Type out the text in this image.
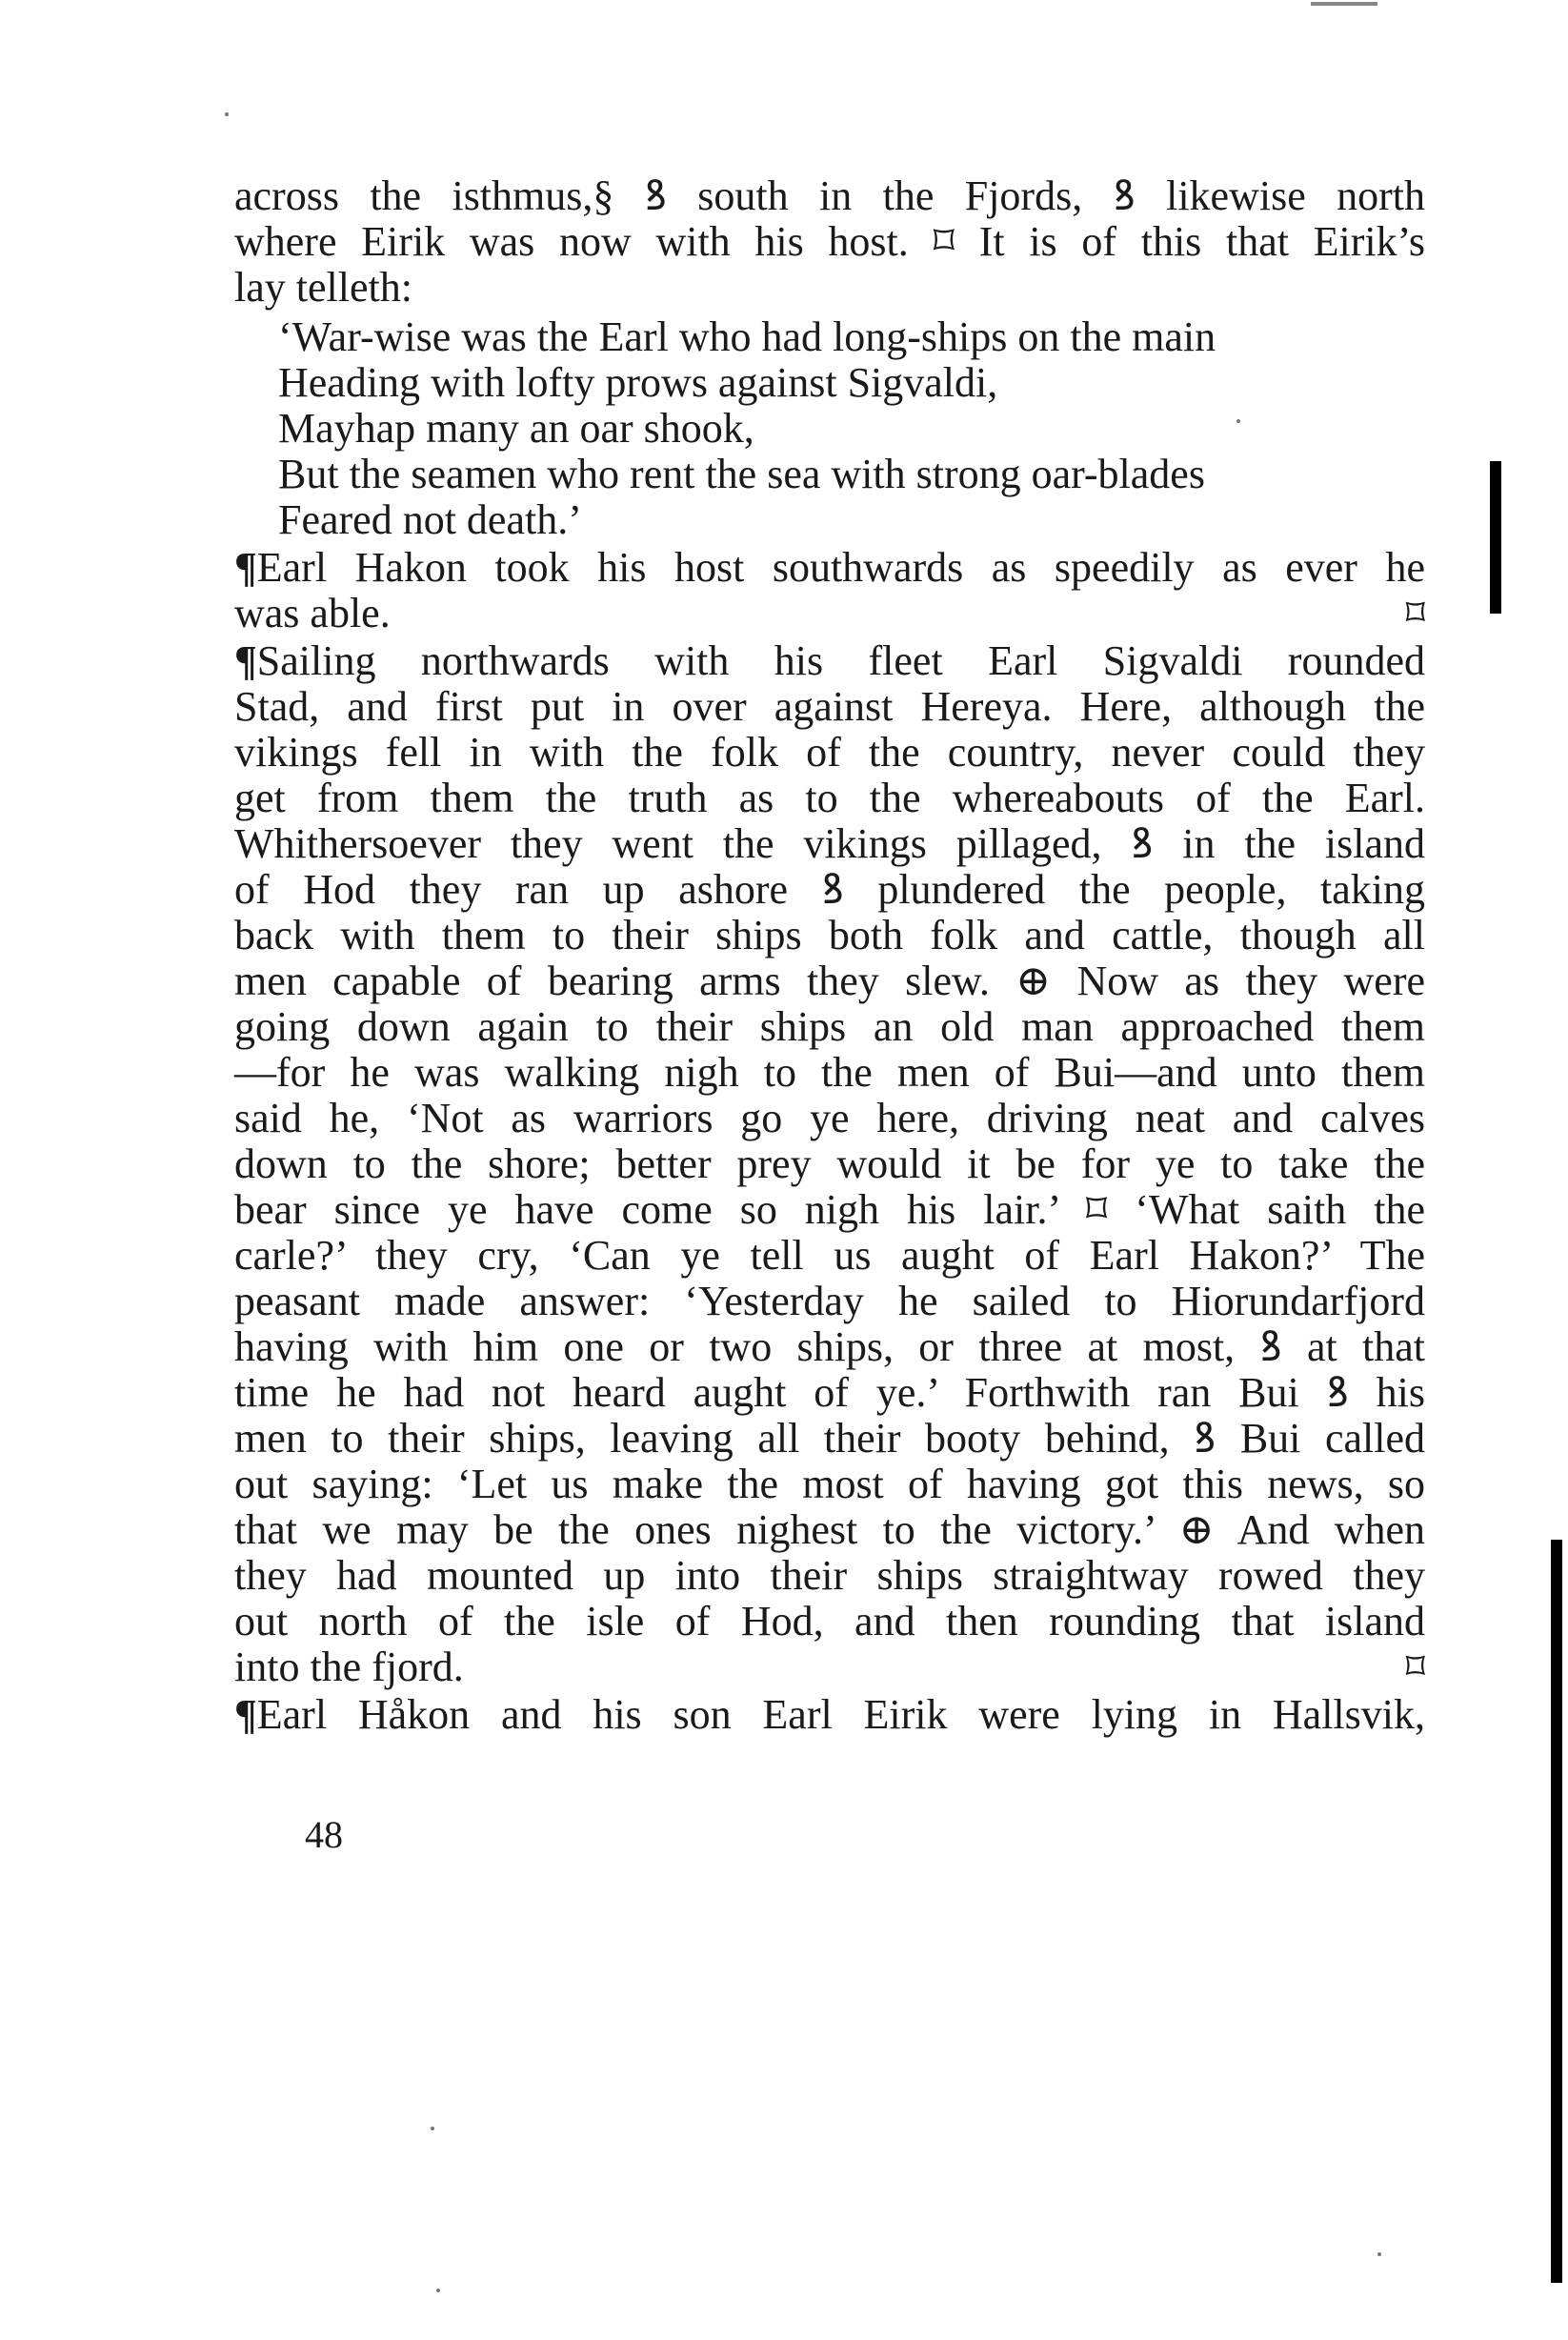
across the isthmus,§ ꝸ south in the Fjords, ꝸ likewise north
where Eirik was now with his host. ⌑ It is of this that Eirik’s
lay telleth:
‘War-wise was the Earl who had long-ships on the main
Heading with lofty prows against Sigvaldi,
Mayhap many an oar shook,
But the seamen who rent the sea with strong oar-blades
Feared not death.’
¶Earl Hakon took his host southwards as speedily as ever he
was able.	⌑
¶Sailing northwards with his fleet Earl Sigvaldi rounded
Stad, and first put in over against Hereya. Here, although the
vikings fell in with the folk of the country, never could they
get from them the truth as to the whereabouts of the Earl.
Whithersoever they went the vikings pillaged, ꝸ in the island
of Hod they ran up ashore ꝸ plundered the people, taking
back with them to their ships both folk and cattle, though all
men capable of bearing arms they slew. ⊕ Now as they were
going down again to their ships an old man approached them
—for he was walking nigh to the men of Bui—and unto them
said he, ‘Not as warriors go ye here, driving neat and calves
down to the shore; better prey would it be for ye to take the
bear since ye have come so nigh his lair.’ ⌑ ‘What saith the
carle?’ they cry, ‘Can ye tell us aught of Earl Hakon?’ The
peasant made answer: ‘Yesterday he sailed to Hiorundarfjord
having with him one or two ships, or three at most, ꝸ at that
time he had not heard aught of ye.’ Forthwith ran Bui ꝸ his
men to their ships, leaving all their booty behind, ꝸ Bui called
out saying: ‘Let us make the most of having got this news, so
that we may be the ones nighest to the victory.’ ⊕ And when
they had mounted up into their ships straightway rowed they
out north of the isle of Hod, and then rounding that island
into the fjord.	⌑
¶Earl Håkon and his son Earl Eirik were lying in Hallsvik,
48
